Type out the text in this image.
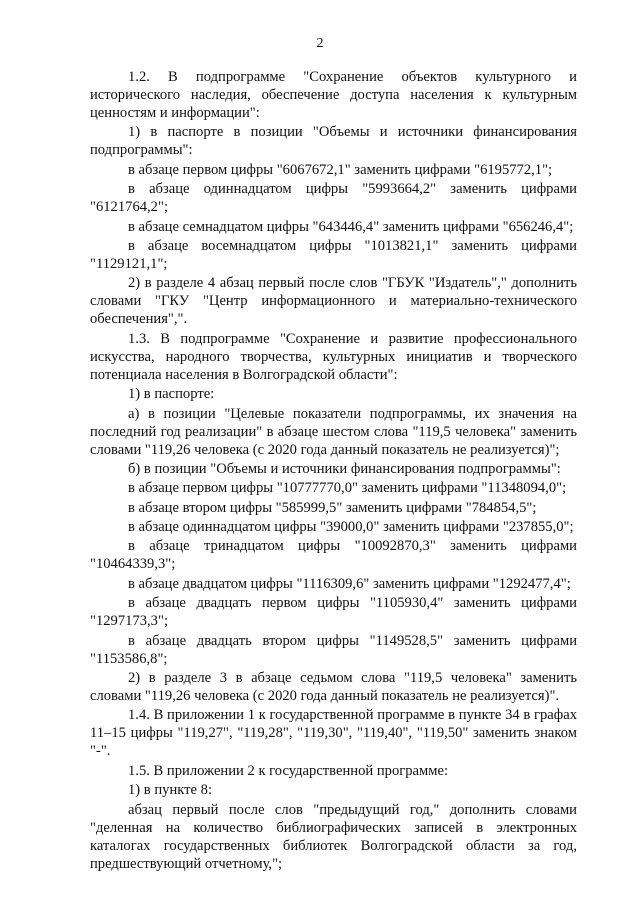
2

1.2. В подпрограмме "Сохранение объектов культурного и исторического наследия, обеспечение доступа населения к культурным ценностям и информации":

1) в паспорте в позиции "Объемы и источники финансирования подпрограммы":

в абзаце первом цифры "6067672,1" заменить цифрами "6195772,1";

в абзаце одиннадцатом цифры "5993664,2" заменить цифрами "6121764,2";

в абзаце семнадцатом цифры "643446,4" заменить цифрами "656246,4";

в абзаце восемнадцатом цифры "1013821,1" заменить цифрами "1129121,1";

2) в разделе 4 абзац первый после слов "ГБУК "Издатель"," дополнить словами "ГКУ "Центр информационного и материально-технического обеспечения",".

1.3. В подпрограмме "Сохранение и развитие профессионального искусства, народного творчества, культурных инициатив и творческого потенциала населения в Волгоградской области":

1) в паспорте:

а) в позиции "Целевые показатели подпрограммы, их значения на последний год реализации" в абзаце шестом слова "119,5 человека" заменить словами "119,26 человека (с 2020 года данный показатель не реализуется)";

б) в позиции "Объемы и источники финансирования подпрограммы":

в абзаце первом цифры "10777770,0" заменить цифрами "11348094,0";

в абзаце втором цифры "585999,5" заменить цифрами "784854,5";

в абзаце одиннадцатом цифры "39000,0" заменить цифрами "237855,0";

в абзаце тринадцатом цифры "10092870,3" заменить цифрами "10464339,3";

в абзаце двадцатом цифры "1116309,6" заменить цифрами "1292477,4";

в абзаце двадцать первом цифры "1105930,4" заменить цифрами "1297173,3";

в абзаце двадцать втором цифры "1149528,5" заменить цифрами "1153586,8";

2) в разделе 3 в абзаце седьмом слова "119,5 человека" заменить словами "119,26 человека (с 2020 года данный показатель не реализуется)".

1.4. В приложении 1 к государственной программе в пункте 34 в графах 11–15 цифры "119,27", "119,28", "119,30", "119,40", "119,50" заменить знаком "-".

1.5. В приложении 2 к государственной программе:

1) в пункте 8:

абзац первый после слов "предыдущий год," дополнить словами "деленная на количество библиографических записей в электронных каталогах государственных библиотек Волгоградской области за год, предшествующий отчетному,";
